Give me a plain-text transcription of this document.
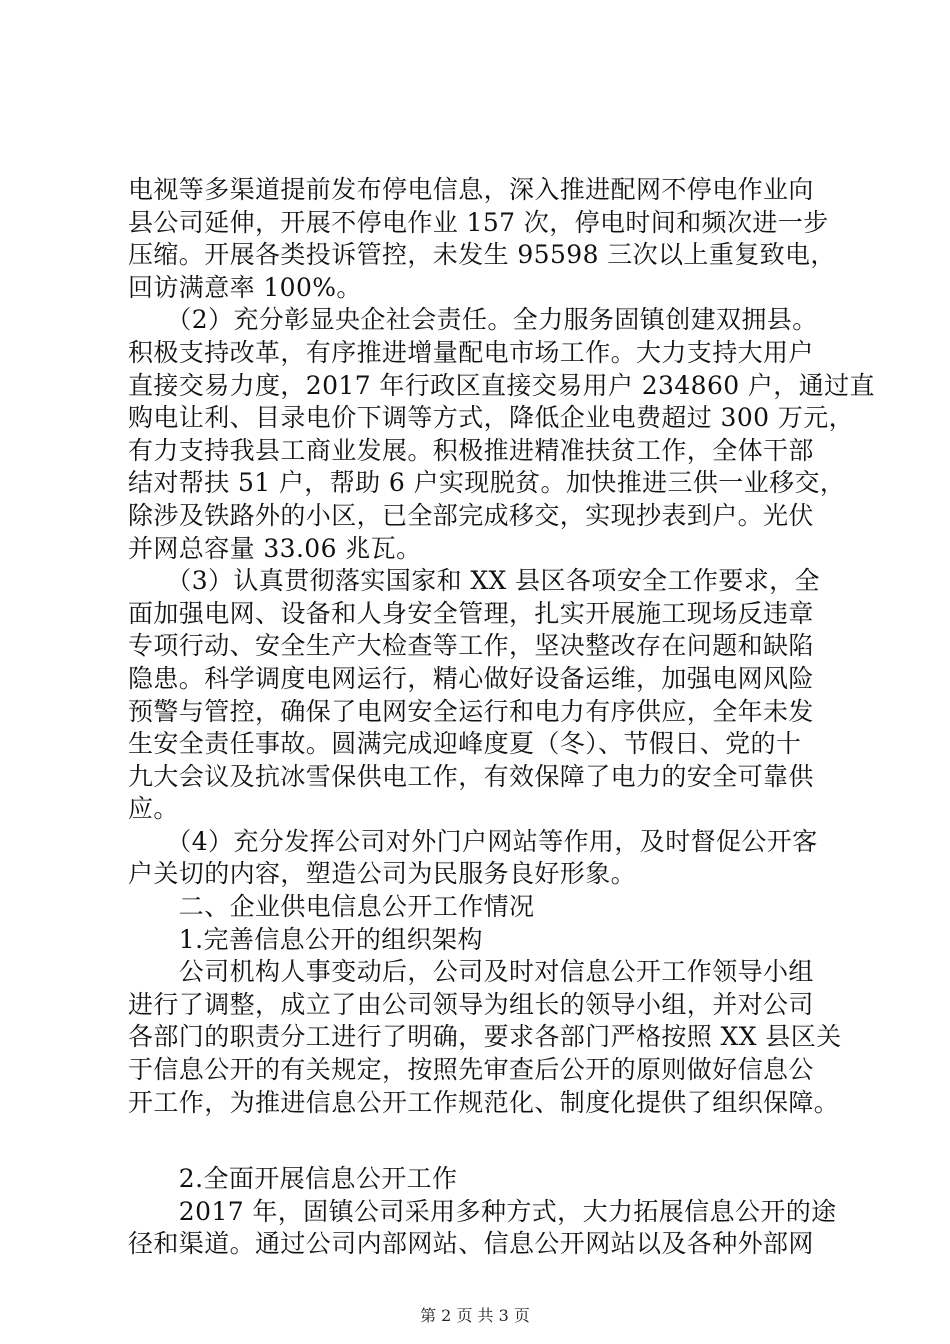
电视等多渠道提前发布停电信息，深入推进配网不停电作业向
县公司延伸，开展不停电作业 157 次，停电时间和频次进一步
压缩。开展各类投诉管控，未发生 95598 三次以上重复致电，
回访满意率 100%。
　　（2）充分彰显央企社会责任。全力服务固镇创建双拥县。
积极支持改革，有序推进增量配电市场工作。大力支持大用户
直接交易力度，2017 年行政区直接交易用户 234860 户，通过直
购电让利、目录电价下调等方式，降低企业电费超过 300 万元，
有力支持我县工商业发展。积极推进精准扶贫工作，全体干部
结对帮扶 51 户，帮助 6 户实现脱贫。加快推进三供一业移交，
除涉及铁路外的小区，已全部完成移交，实现抄表到户。光伏
并网总容量 33.06 兆瓦。
　　（3）认真贯彻落实国家和 XX 县区各项安全工作要求，全
面加强电网、设备和人身安全管理，扎实开展施工现场反违章
专项行动、安全生产大检查等工作，坚决整改存在问题和缺陷
隐患。科学调度电网运行，精心做好设备运维，加强电网风险
预警与管控，确保了电网安全运行和电力有序供应，全年未发
生安全责任事故。圆满完成迎峰度夏（冬）、节假日、党的十
九大会议及抗冰雪保供电工作，有效保障了电力的安全可靠供
应。
　　（4）充分发挥公司对外门户网站等作用，及时督促公开客
户关切的内容，塑造公司为民服务良好形象。
　　二、企业供电信息公开工作情况
　　1.完善信息公开的组织架构
　　公司机构人事变动后，公司及时对信息公开工作领导小组
进行了调整，成立了由公司领导为组长的领导小组，并对公司
各部门的职责分工进行了明确，要求各部门严格按照 XX 县区关
于信息公开的有关规定，按照先审查后公开的原则做好信息公
开工作，为推进信息公开工作规范化、制度化提供了组织保障。
　　2.全面开展信息公开工作
　　2017 年，固镇公司采用多种方式，大力拓展信息公开的途
径和渠道。通过公司内部网站、信息公开网站以及各种外部网
第 2 页 共 3 页
